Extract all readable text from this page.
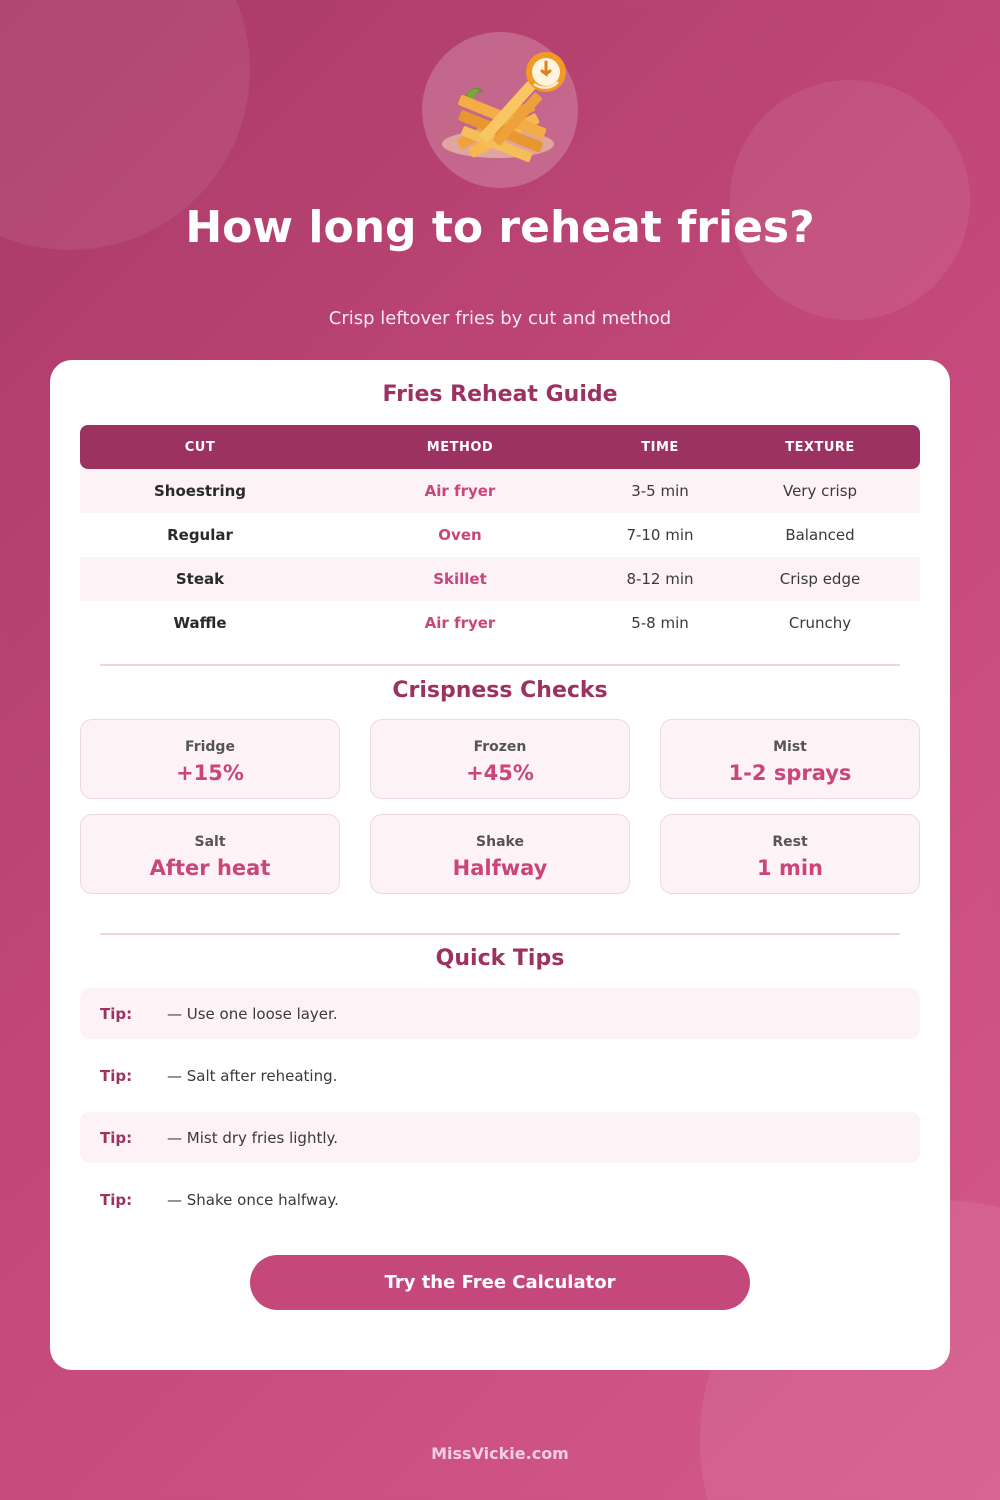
How long to reheat fries?
Crisp leftover fries by cut and method
Fries Reheat Guide
CUT	METHOD	TIME	TEXTURE
Shoestring	Air fryer	3-5 min	Very crisp
Regular	Oven	7-10 min	Balanced
Steak	Skillet	8-12 min	Crisp edge
Waffle	Air fryer	5-8 min	Crunchy
Crispness Checks
Fridge
+15%
Frozen
+45%
Mist
1-2 sprays
Salt
After heat
Shake
Halfway
Rest
1 min
Quick Tips
Tip: — Use one loose layer.
Tip: — Salt after reheating.
Tip: — Mist dry fries lightly.
Tip: — Shake once halfway.
Try the Free Calculator
MissVickie.com
